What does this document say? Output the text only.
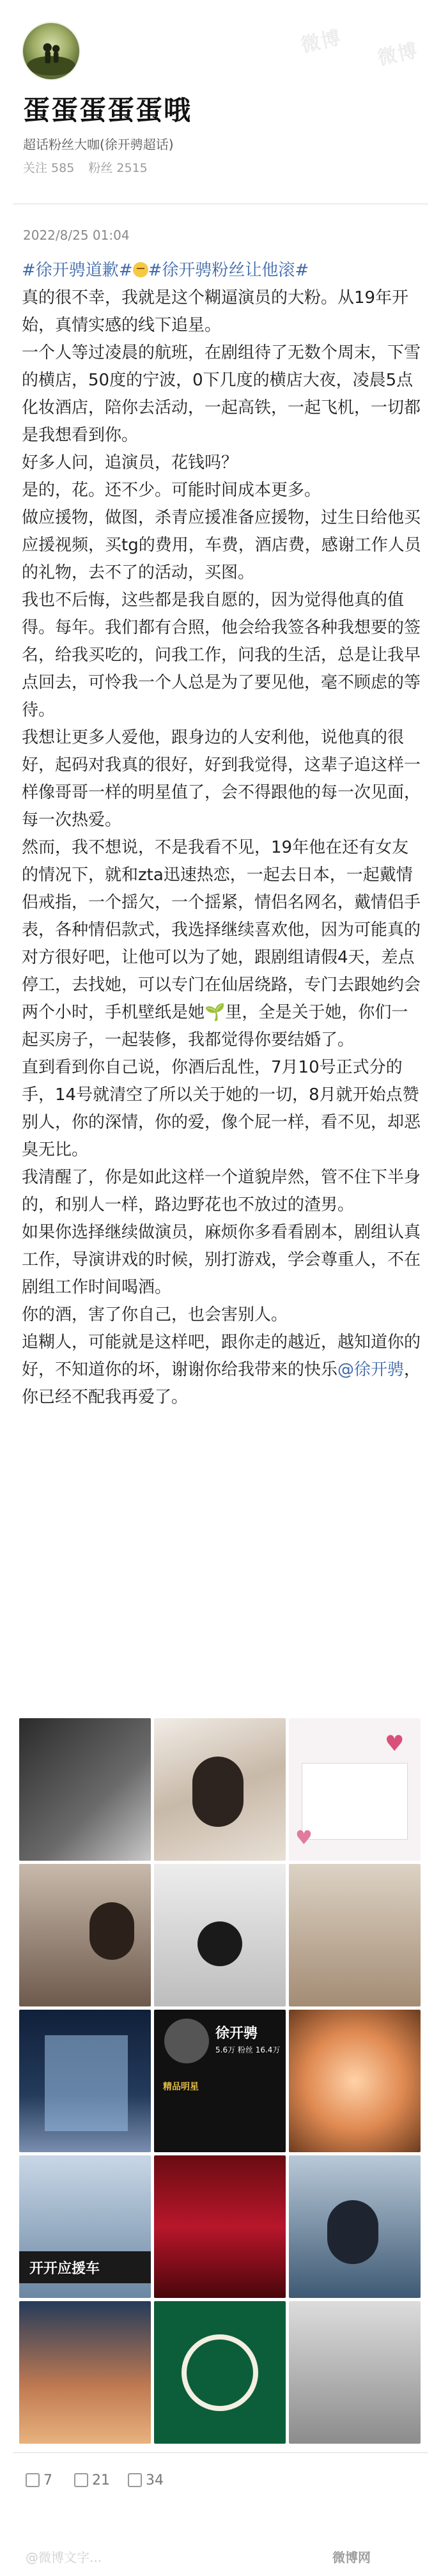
微博 微博
蛋蛋蛋蛋蛋哦
超话粉丝大咖(徐开骋超话)
关注 585 粉丝 2515
2022/8/25 01:04

#徐开骋道歉# #徐开骋粉丝让他滚#

真的很不幸，我就是这个糊逼演员的大粉。从19年开始，真情实感的线下追星。

一个人等过凌晨的航班，在剧组待了无数个周末，下雪的横店，50度的宁波，0下几度的横店大夜，凌晨5点化妆酒店，陪你去活动，一起高铁，一起飞机，一切都是我想看到你。

好多人问，追演员，花钱吗？

是的，花。还不少。可能时间成本更多。

做应援物，做图，杀青应援准备应援物，过生日给他买应援视频，买tg的费用，车费，酒店费，感谢工作人员的礼物，去不了的活动，买图。

我也不后悔，这些都是我自愿的，因为觉得他真的值得。每年。我们都有合照，他会给我签各种我想要的签名，给我买吃的，问我工作，问我的生活，总是让我早点回去，可怜我一个人总是为了要见他，毫不顾虑的等待。

我想让更多人爱他，跟身边的人安利他，说他真的很好，起码对我真的很好，好到我觉得，这辈子追这样一样像哥哥一样的明星值了，会不得跟他的每一次见面，每一次热爱。

然而，我不想说，不是我看不见，19年他在还有女友的情况下，就和zta迅速热恋，一起去日本，一起戴情侣戒指，一个揺欠，一个揺紧，情侣名网名，戴情侣手表，各种情侣款式，我选择继续喜欢他，因为可能真的对方很好吧，让他可以为了她，跟剧组请假4天，差点停工，去找她，可以专门在仙居绕路，专门去跟她约会两个小时，手机壁纸是她🌱里，全是关于她，你们一起买房子，一起装修，我都觉得你要结婚了。

直到看到你自己说，你酒后乱性，7月10号正式分的手，14号就清空了所以关于她的一切，8月就开始点赞别人，你的深情，你的爱，像个屁一样，看不见，却恶臭无比。

我清醒了，你是如此这样一个道貌岸然，管不住下半身的，和别人一样，路边野花也不放过的渣男。

如果你选择继续做演员，麻烦你多看看剧本，剧组认真工作，导演讲戏的时候，别打游戏，学会尊重人，不在剧组工作时间喝酒。

你的酒，害了你自己，也会害别人。

追糊人，可能就是这样吧，跟你走的越近，越知道你的好，不知道你的坏，谢谢你给我带来的快乐@徐开骋，你已经不配我再爱了。

♥
♥
徐开骋
5.6万 粉丝 16.4万
精品明星
开开应援车
7	21	34
@微博文字...	微博网
